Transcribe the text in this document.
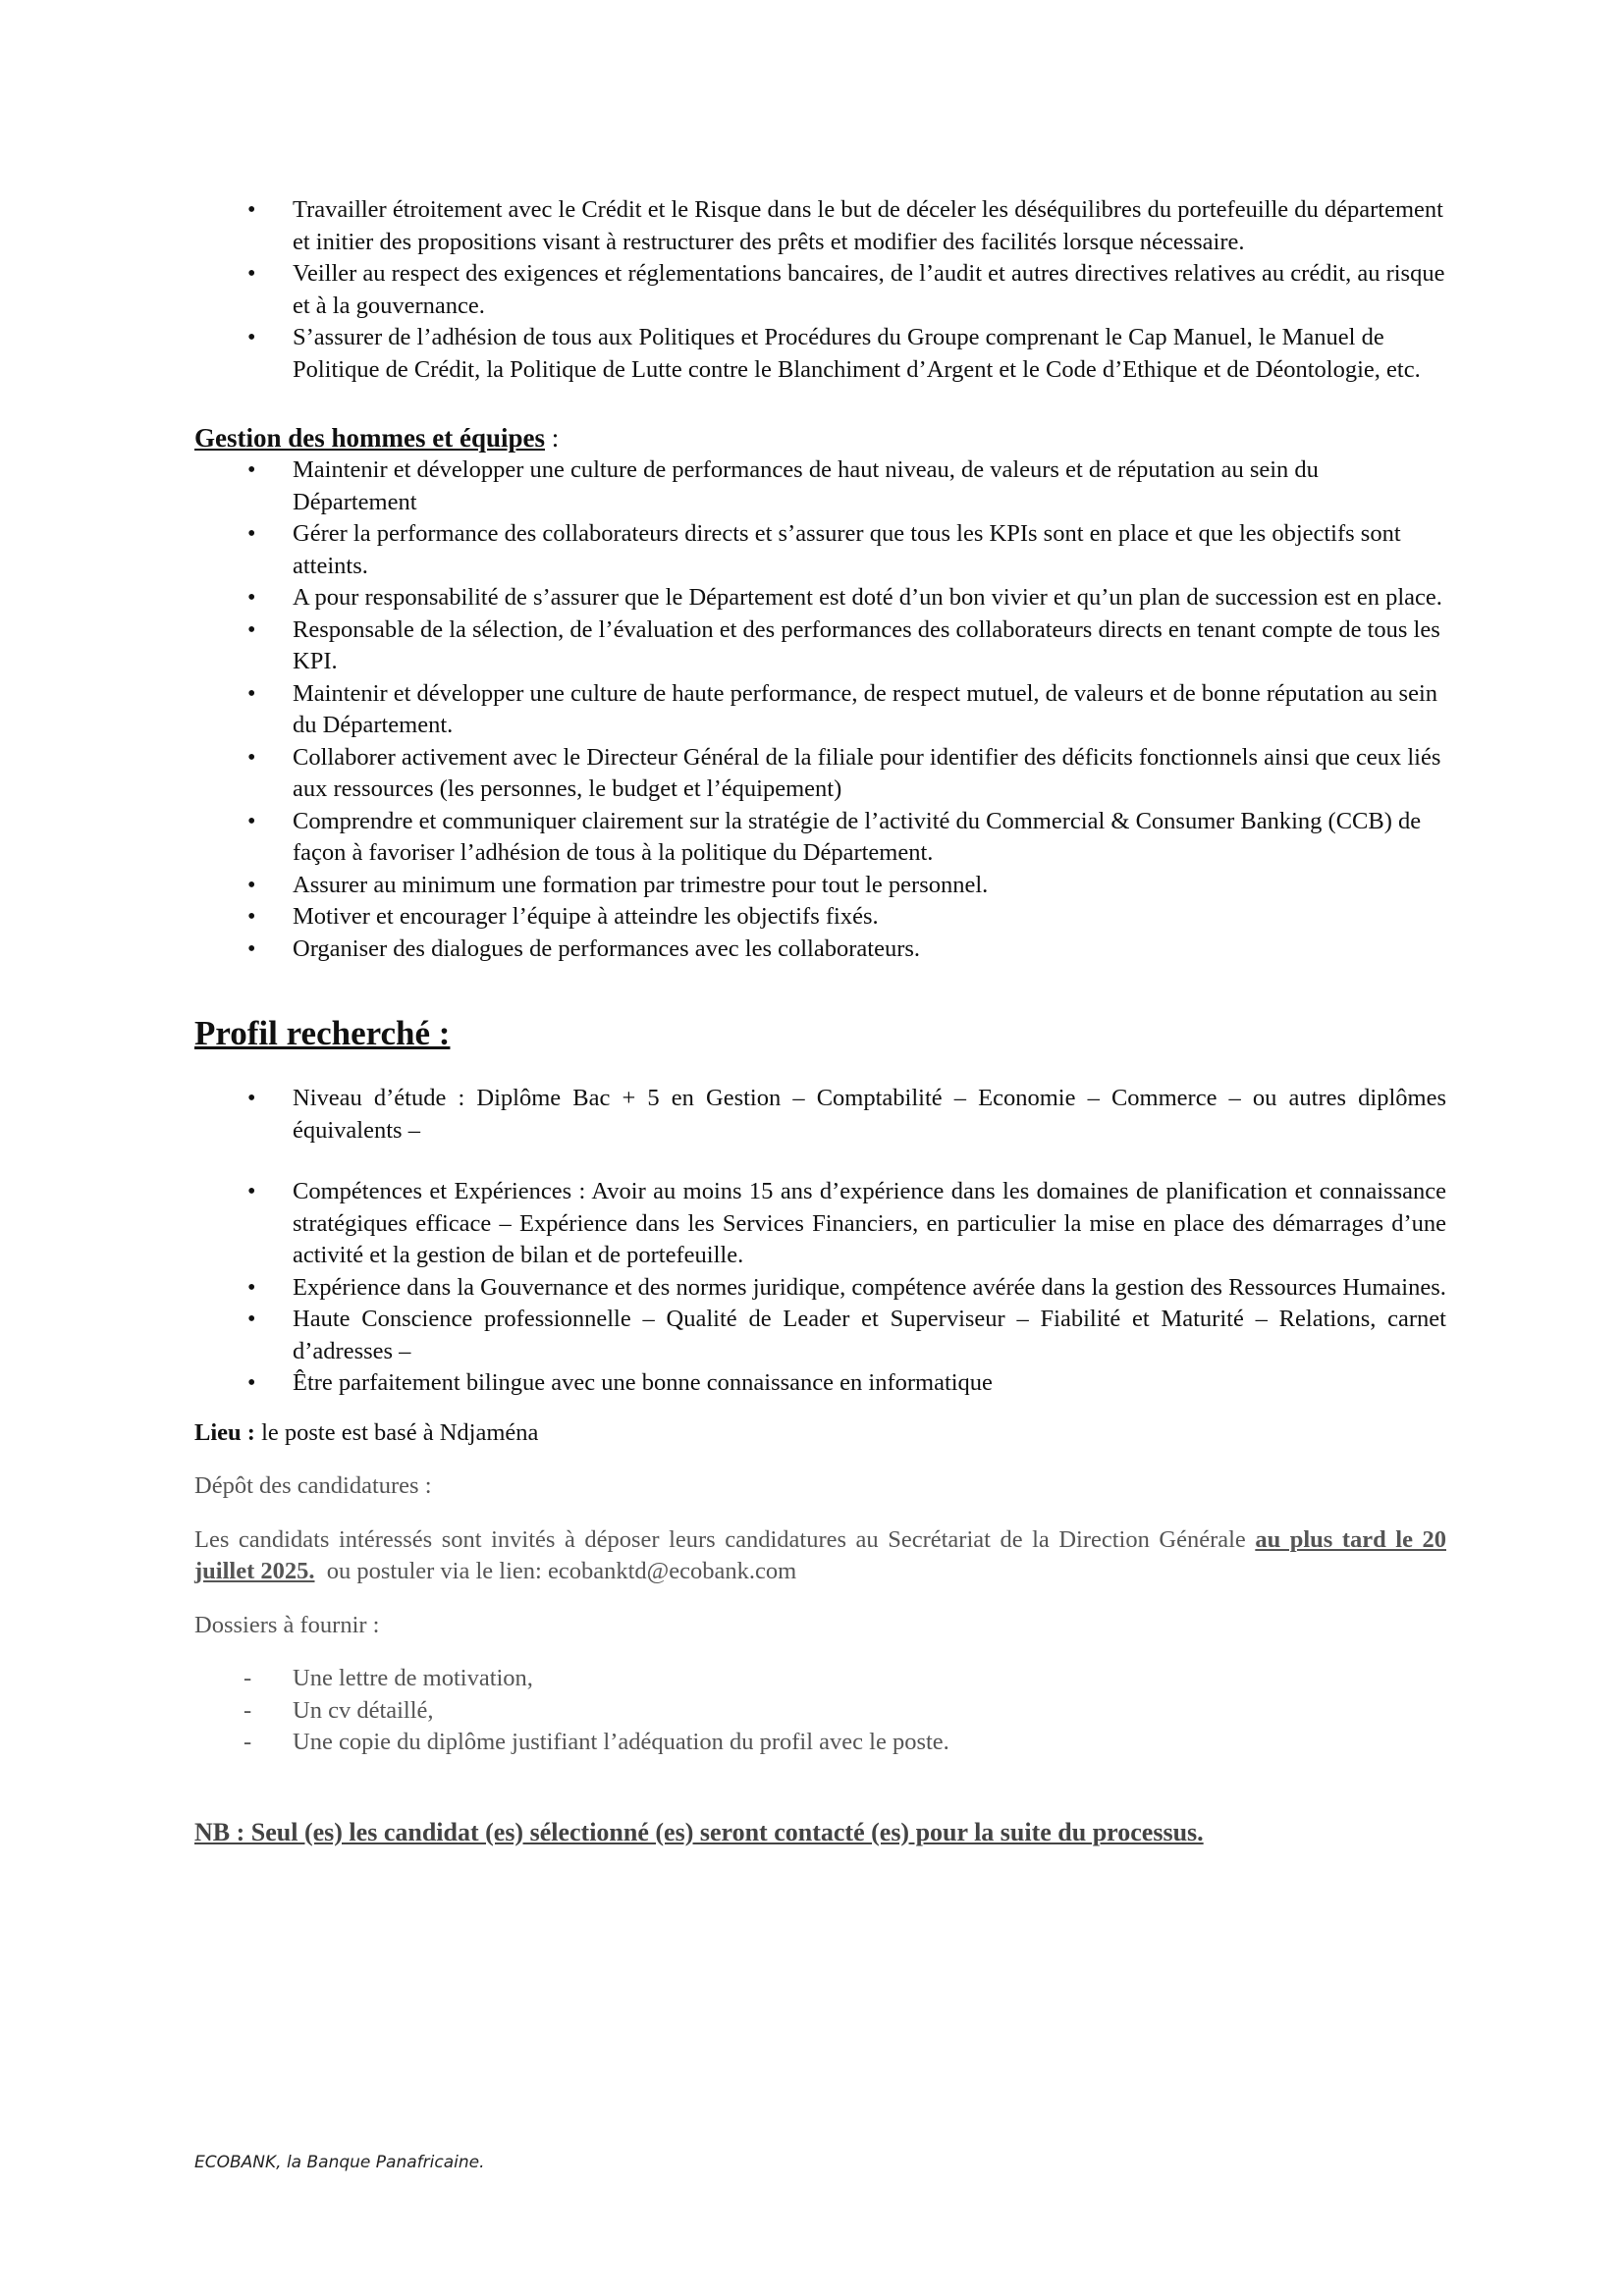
• Travailler étroitement avec le Crédit et le Risque dans le but de déceler les déséquilibres du portefeuille du département et initier des propositions visant à restructurer des prêts et modifier des facilités lorsque nécessaire.
• Veiller au respect des exigences et réglementations bancaires, de l’audit et autres directives relatives au crédit, au risque et à la gouvernance.
• S’assurer de l’adhésion de tous aux Politiques et Procédures du Groupe comprenant le Cap Manuel, le Manuel de Politique de Crédit, la Politique de Lutte contre le Blanchiment d’Argent et le Code d’Ethique et de Déontologie, etc.
Gestion des hommes et équipes :
• Maintenir et développer une culture de performances de haut niveau, de valeurs et de réputation au sein du Département
• Gérer la performance des collaborateurs directs et s’assurer que tous les KPIs sont en place et que les objectifs sont atteints.
• A pour responsabilité de s’assurer que le Département est doté d’un bon vivier et qu’un plan de succession est en place.
• Responsable de la sélection, de l’évaluation et des performances des collaborateurs directs en tenant compte de tous les KPI.
• Maintenir et développer une culture de haute performance, de respect mutuel, de valeurs et de bonne réputation au sein du Département.
• Collaborer activement avec le Directeur Général de la filiale pour identifier des déficits fonctionnels ainsi que ceux liés aux ressources (les personnes, le budget et l’équipement)
• Comprendre et communiquer clairement sur la stratégie de l’activité du Commercial & Consumer Banking (CCB) de façon à favoriser l’adhésion de tous à la politique du Département.
• Assurer au minimum une formation par trimestre pour tout le personnel.
• Motiver et encourager l’équipe à atteindre les objectifs fixés.
• Organiser des dialogues de performances avec les collaborateurs.
Profil recherché :
• Niveau d’étude : Diplôme Bac + 5 en Gestion – Comptabilité – Economie – Commerce – ou autres diplômes équivalents –
• Compétences et Expériences : Avoir au moins 15 ans d’expérience dans les domaines de planification et connaissance stratégiques efficace – Expérience dans les Services Financiers, en particulier la mise en place des démarrages d’une activité et la gestion de bilan et de portefeuille.
• Expérience dans la Gouvernance et des normes juridique, compétence avérée dans la gestion des Ressources Humaines.
• Haute Conscience professionnelle – Qualité de Leader et Superviseur – Fiabilité et Maturité – Relations, carnet d’adresses –
• Être parfaitement bilingue avec une bonne connaissance en informatique
Lieu : le poste est basé à Ndjaména
Dépôt des candidatures :
Les candidats intéressés sont invités à déposer leurs candidatures au Secrétariat de la Direction Générale au plus tard le 20 juillet 2025.  ou postuler via le lien: ecobanktd@ecobank.com
Dossiers à fournir :
- Une lettre de motivation,
- Un cv détaillé,
- Une copie du diplôme justifiant l’adéquation du profil avec le poste.
NB : Seul (es) les candidat (es) sélectionné (es) seront contacté (es) pour la suite du processus.
ECOBANK, la Banque Panafricaine.
